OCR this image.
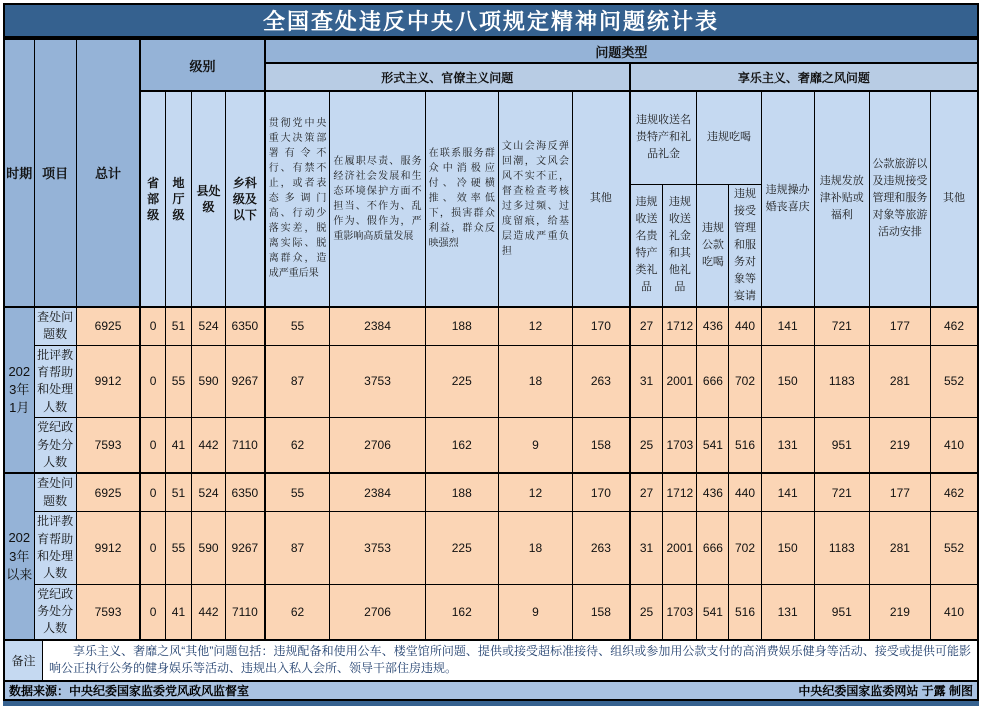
全国查处违反中央八项规定精神问题统计表
时期	项目	总计	级别				问题类型												
							形式主义、官僚主义问题					享乐主义、奢靡之风问题							
			省部级	地厅级	县处级	乡科级及以下	贯彻党中央重大决策部署有令不行、有禁不止，或者表态多调门高、行动少落实差，脱离实际、脱离群众，造成严重后果	在履职尽责、服务经济社会发展和生态环境保护方面不担当、不作为、乱作为、假作为，严重影响高质量发展	在联系服务群众中消极应付、冷硬横推、效率低下，损害群众利益，群众反映强烈	文山会海反弹回潮，文风会风不实不正，督查检查考核过多过频、过度留痕，给基层造成严重负担	其他	违规收送名贵特产和礼品礼金		违规吃喝		违规操办婚丧喜庆	违规发放津补贴或福利	公款旅游以及违规接受管理和服务对象等旅游活动安排	其他
												违规收送名贵特产类礼品	违规收送礼金和其他礼品	违规公款吃喝	违规接受管理和服务对象等宴请				
2023年1月	查处问题数	6925	0	51	524	6350	55	2384	188	12	170	27	1712	436	440	141	721	177	462
	批评教育帮助和处理人数	9912	0	55	590	9267	87	3753	225	18	263	31	2001	666	702	150	1183	281	552
	党纪政务处分人数	7593	0	41	442	7110	62	2706	162	9	158	25	1703	541	516	131	951	219	410
2023年以来	查处问题数	6925	0	51	524	6350	55	2384	188	12	170	27	1712	436	440	141	721	177	462
	批评教育帮助和处理人数	9912	0	55	590	9267	87	3753	225	18	263	31	2001	666	702	150	1183	281	552
	党纪政务处分人数	7593	0	41	442	7110	62	2706	162	9	158	25	1703	541	516	131	951	219	410
备注
享乐主义、奢靡之风“其他”问题包括：违规配备和使用公车、楼堂馆所问题、提供或接受超标准接待、组织或参加用公款支付的高消费娱乐健身等活动、接受或提供可能影响公正执行公务的健身娱乐等活动、违规出入私人会所、领导干部住房违规。
数据来源：中央纪委国家监委党风政风监督室	中央纪委国家监委网站 于露 制图
